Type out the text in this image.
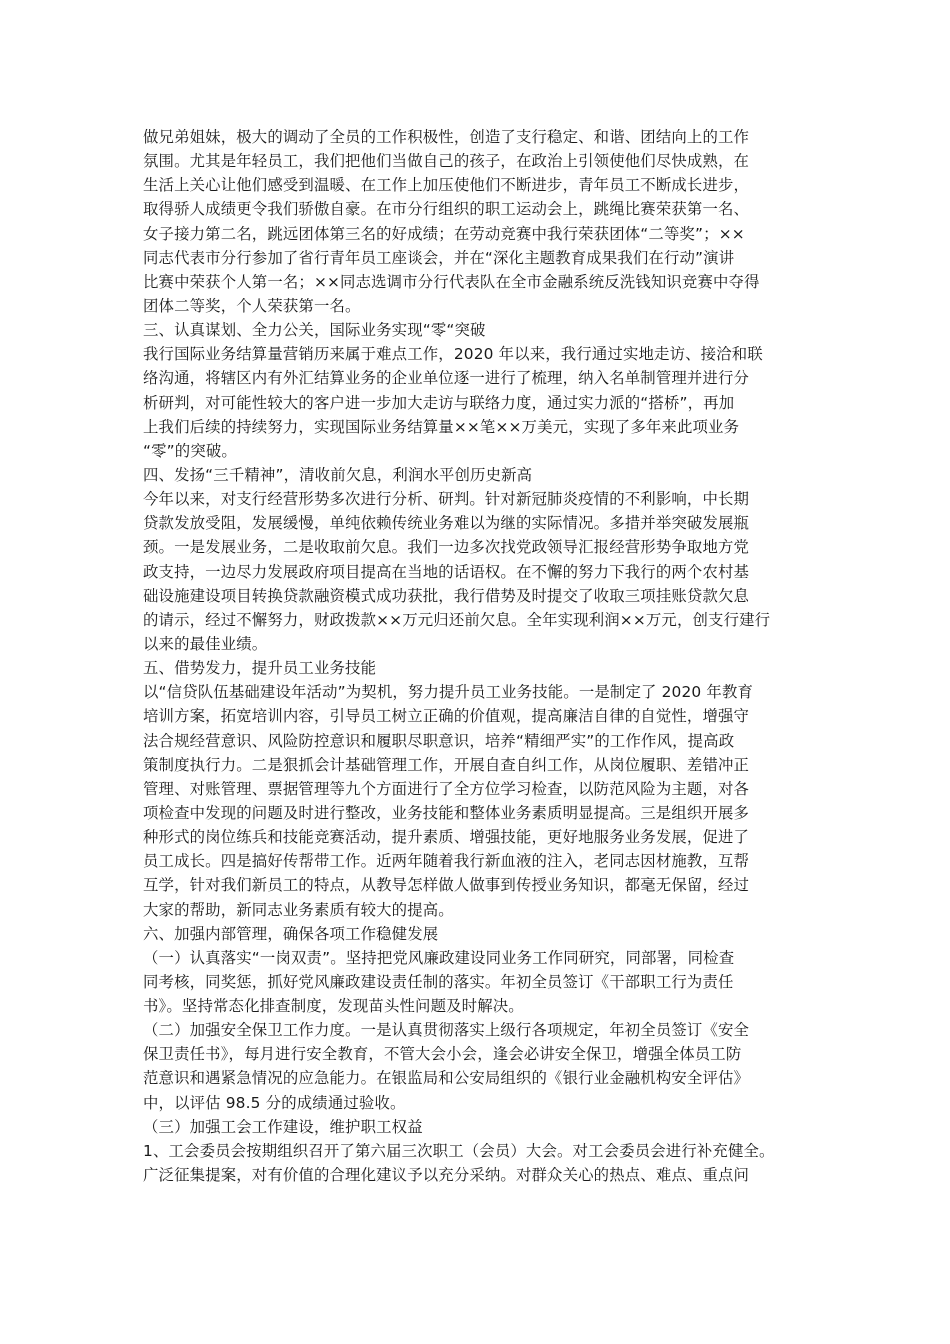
做兄弟姐妹，极大的调动了全员的工作积极性，创造了支行稳定、和谐、团结向上的工作
氛围。尤其是年轻员工，我们把他们当做自己的孩子，在政治上引领使他们尽快成熟，在
生活上关心让他们感受到温暖、在工作上加压使他们不断进步，青年员工不断成长进步，
取得骄人成绩更令我们骄傲自豪。在市分行组织的职工运动会上，跳绳比赛荣获第一名、
女子接力第二名，跳远团体第三名的好成绩；在劳动竞赛中我行荣获团体“二等奖”；××
同志代表市分行参加了省行青年员工座谈会，并在“深化主题教育成果我们在行动”演讲
比赛中荣获个人第一名；××同志选调市分行代表队在全市金融系统反洗钱知识竞赛中夺得
团体二等奖，个人荣获第一名。
三、认真谋划、全力公关，国际业务实现“零“突破
我行国际业务结算量营销历来属于难点工作，2020 年以来，我行通过实地走访、接洽和联
络沟通，将辖区内有外汇结算业务的企业单位逐一进行了梳理，纳入名单制管理并进行分
析研判，对可能性较大的客户进一步加大走访与联络力度，通过实力派的“搭桥”，再加
上我们后续的持续努力，实现国际业务结算量××笔××万美元，实现了多年来此项业务
“零”的突破。
四、发扬“三千精神”，清收前欠息，利润水平创历史新高
今年以来，对支行经营形势多次进行分析、研判。针对新冠肺炎疫情的不利影响，中长期
贷款发放受阻，发展缓慢，单纯依赖传统业务难以为继的实际情况。多措并举突破发展瓶
颈。一是发展业务，二是收取前欠息。我们一边多次找党政领导汇报经营形势争取地方党
政支持，一边尽力发展政府项目提高在当地的话语权。在不懈的努力下我行的两个农村基
础设施建设项目转换贷款融资模式成功获批，我行借势及时提交了收取三项挂账贷款欠息
的请示，经过不懈努力，财政拨款××万元归还前欠息。全年实现利润××万元，创支行建行
以来的最佳业绩。
五、借势发力，提升员工业务技能
以“信贷队伍基础建设年活动”为契机，努力提升员工业务技能。一是制定了 2020 年教育
培训方案，拓宽培训内容，引导员工树立正确的价值观，提高廉洁自律的自觉性，增强守
法合规经营意识、风险防控意识和履职尽职意识，培养“精细严实”的工作作风，提高政
策制度执行力。二是狠抓会计基础管理工作，开展自查自纠工作，从岗位履职、差错冲正
管理、对账管理、票据管理等九个方面进行了全方位学习检查，以防范风险为主题，对各
项检查中发现的问题及时进行整改，业务技能和整体业务素质明显提高。三是组织开展多
种形式的岗位练兵和技能竞赛活动，提升素质、增强技能，更好地服务业务发展，促进了
员工成长。四是搞好传帮带工作。近两年随着我行新血液的注入，老同志因材施教，互帮
互学，针对我们新员工的特点，从教导怎样做人做事到传授业务知识，都毫无保留，经过
大家的帮助，新同志业务素质有较大的提高。
六、加强内部管理，确保各项工作稳健发展
（一）认真落实“一岗双责”。坚持把党风廉政建设同业务工作同研究，同部署，同检查
同考核，同奖惩，抓好党风廉政建设责任制的落实。年初全员签订《干部职工行为责任
书》。坚持常态化排查制度，发现苗头性问题及时解决。
（二）加强安全保卫工作力度。一是认真贯彻落实上级行各项规定，年初全员签订《安全
保卫责任书》，每月进行安全教育，不管大会小会，逢会必讲安全保卫，增强全体员工防
范意识和遇紧急情况的应急能力。在银监局和公安局组织的《银行业金融机构安全评估》
中，以评估 98.5 分的成绩通过验收。
（三）加强工会工作建设，维护职工权益
1、工会委员会按期组织召开了第六届三次职工（会员）大会。对工会委员会进行补充健全。
广泛征集提案，对有价值的合理化建议予以充分采纳。对群众关心的热点、难点、重点问
